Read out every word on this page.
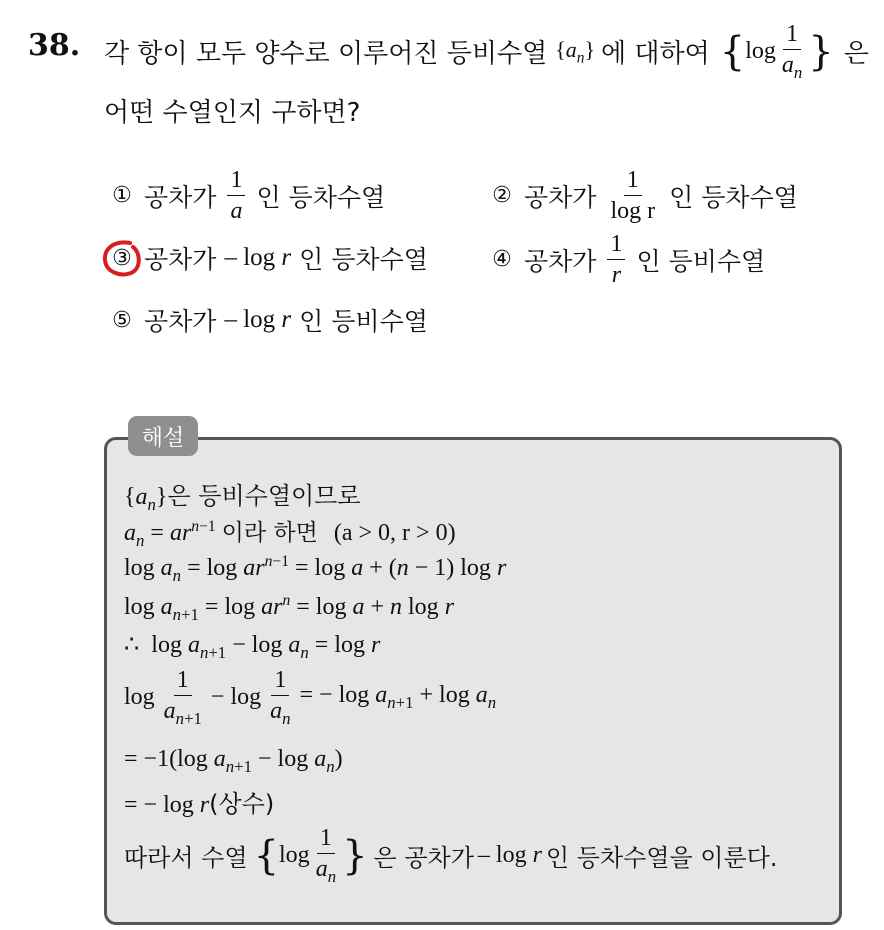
38. 각 항이 모두 양수로 이루어진 등비수열 $\{a_n\}$ 에 대하여 { $\log \frac{1}{a_n}$ } 은
어떤 수열인지 구하면?
① 공차가 $\frac{1}{a}$ 인 등차수열	② 공차가 $\frac{1}{\text{log r}}$ 인 등차수열
③ 공차가 – log r 인 등차수열	④ 공차가 $\frac{1}{r}$ 인 등비수열
⑤ 공차가 – log r 인 등비수열
해설
$\{a_n\}$은 등비수열이므로
$a_n = ar^{n-1}$ 이라 하면 (a > 0, r > 0)
$\log a_n = \log ar^{n-1} = \log a + (n - 1)$ log r
$\log a_{n+1} = \log ar^n = \log a + n$ log r
∴  $\log a_{n+1} - \log a_n = \log r$
$\log \frac{1}{a_{n+1}} - \log \frac{1}{a_n}$ = − $\log a_{n+1} + \log a_n$
= −1(log $a_{n+1} - \log a_n$)
= − log r(상수)
따라서 수열 { $\log \frac{1}{a_n}$ } 은 공차가 – log r 인 등차수열을 이룬다.
